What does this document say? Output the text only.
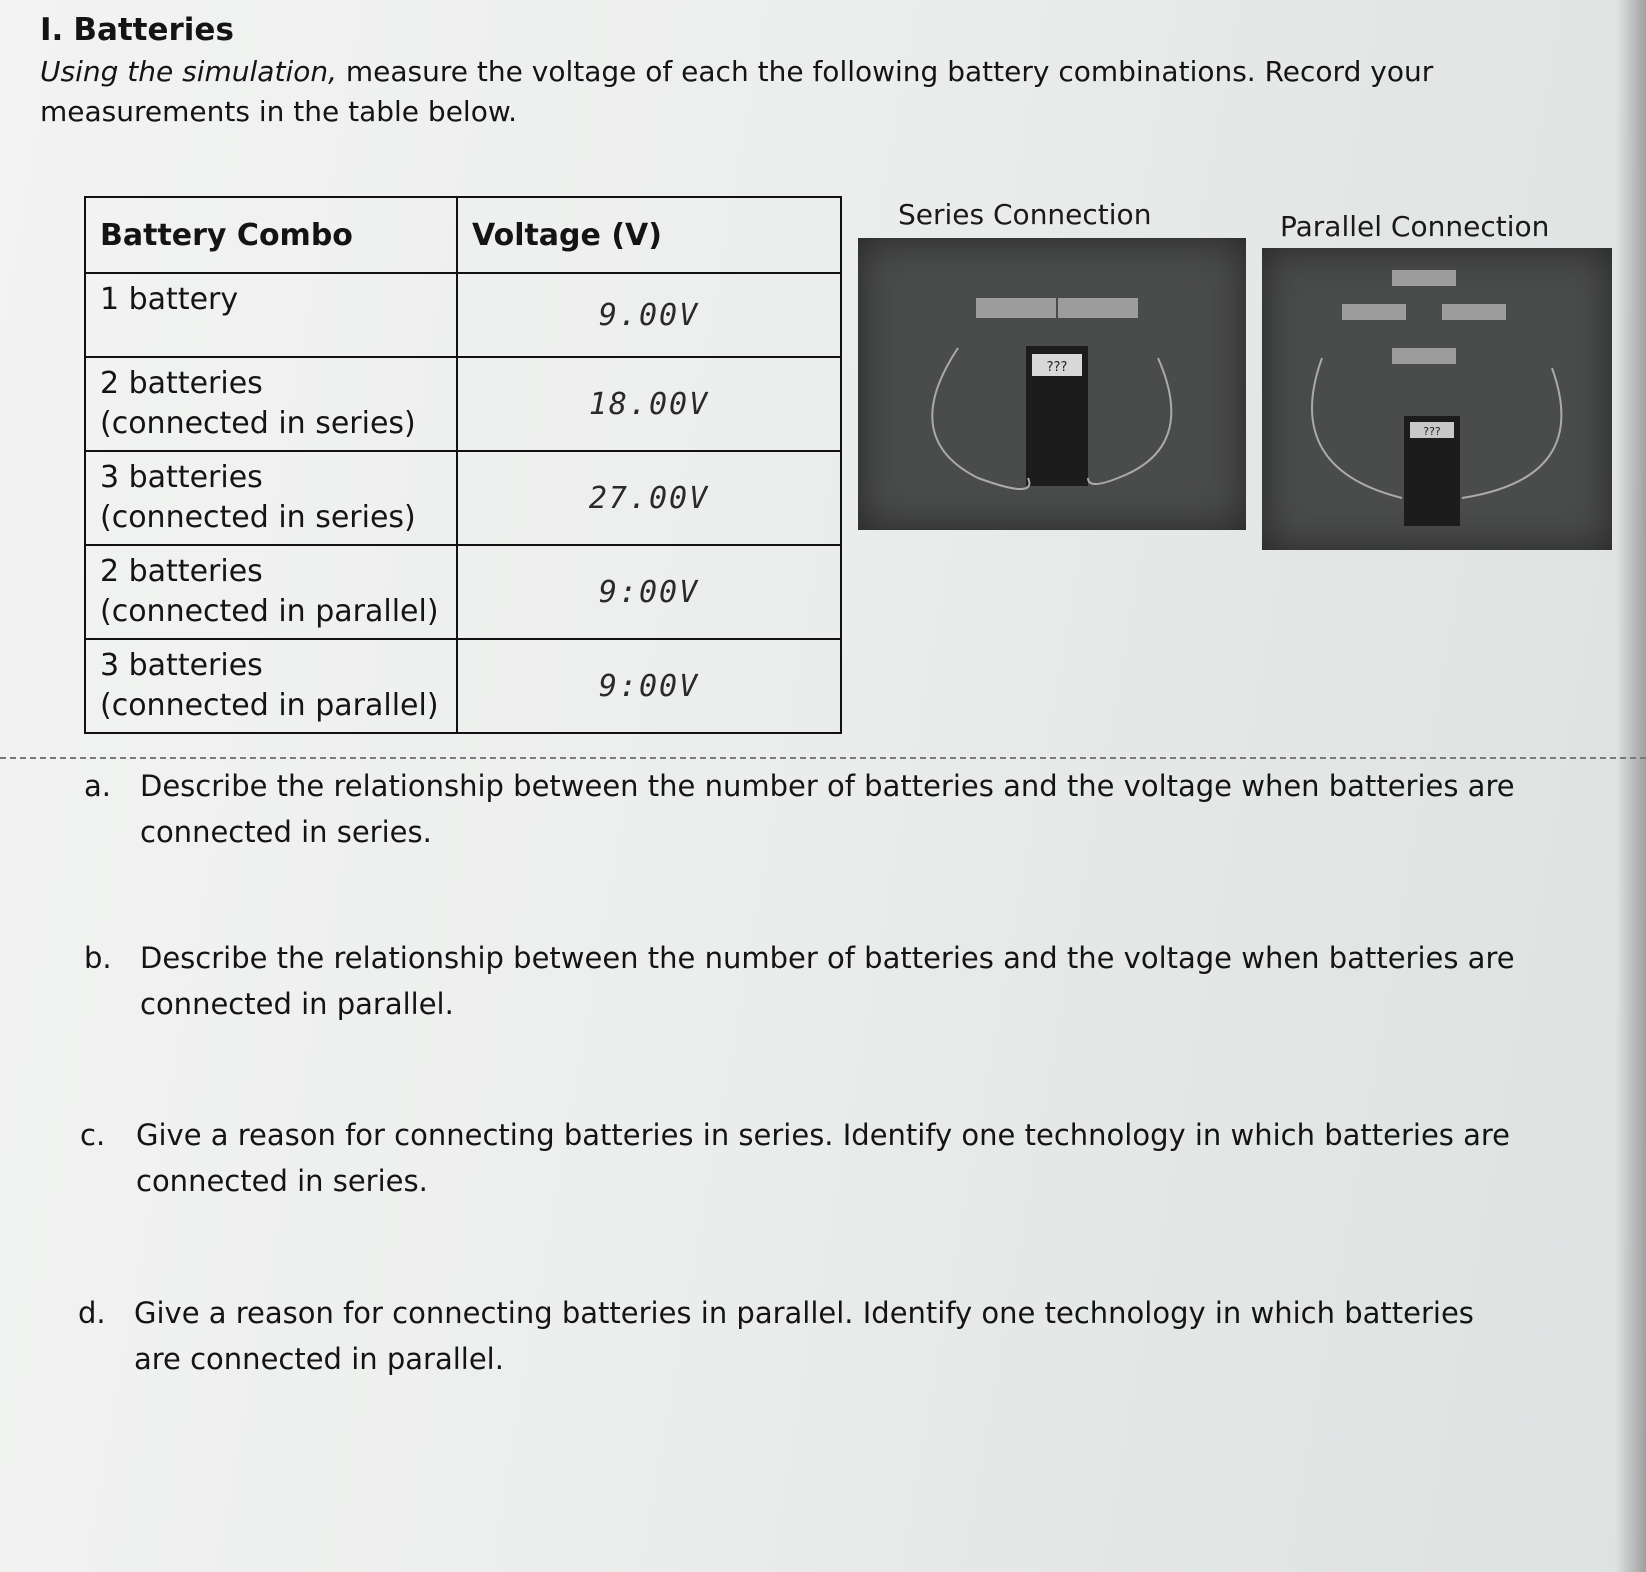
I. Batteries

Using the simulation, measure the voltage of each the following battery combinations. Record your measurements in the table below.

Battery Combo	Voltage (V)
1 battery	9.00V
2 batteries
(connected in series)	18.00V
3 batteries
(connected in series)	27.00V
2 batteries
(connected in parallel)	9:00V
3 batteries
(connected in parallel)	9:00V
Series Connection	Parallel Connection
???
???

a. Describe the relationship between the number of batteries and the voltage when batteries are connected in series.

b. Describe the relationship between the number of batteries and the voltage when batteries are connected in parallel.

c. Give a reason for connecting batteries in series. Identify one technology in which batteries are connected in series.

d. Give a reason for connecting batteries in parallel. Identify one technology in which batteries are connected in parallel.
